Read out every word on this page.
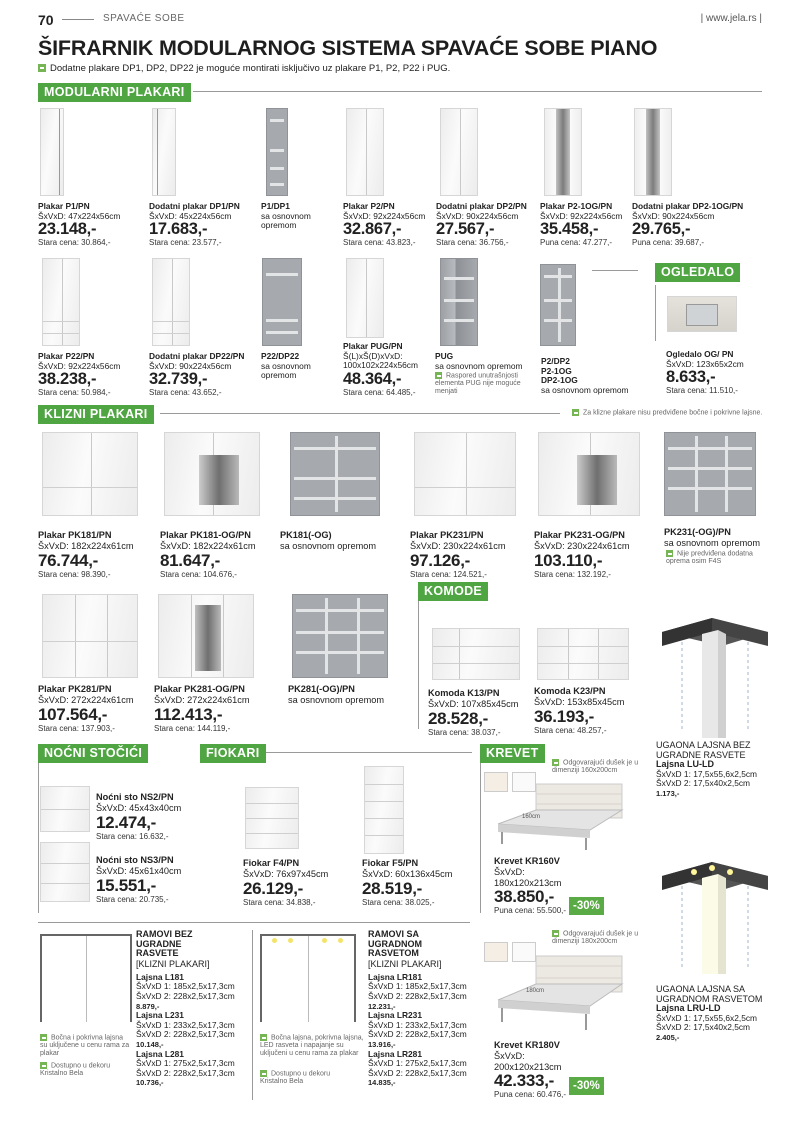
70	SPAVAĆE SOBE	| www.jela.rs |
ŠIFRARNIK MODULARNOG SISTEMA SPAVAĆE SOBE PIANO
Dodatne plakare DP1, DP2, DP22 je moguće montirati isključivo uz plakare P1, P2, P22 i PUG.
MODULARNI PLAKARI
Plakar P1/PN
ŠxVxD: 47x224x56cm
23.148,-
Stara cena: 30.864,-
Dodatni plakar DP1/PN
ŠxVxD: 45x224x56cm
17.683,-
Stara cena: 23.577,-
P1/DP1
sa osnovnom opremom
Plakar P2/PN
ŠxVxD: 92x224x56cm
32.867,-
Stara cena: 43.823,-
Dodatni plakar DP2/PN
ŠxVxD: 90x224x56cm
27.567,-
Stara cena: 36.756,-
Plakar P2-1OG/PN
ŠxVxD: 92x224x56cm
35.458,-
Puna cena: 47.277,-
Dodatni plakar DP2-1OG/PN
ŠxVxD: 90x224x56cm
29.765,-
Puna cena: 39.687,-
Plakar P22/PN
ŠxVxD: 92x224x56cm
38.238,-
Stara cena: 50.984,-
Dodatni plakar DP22/PN
ŠxVxD: 90x224x56cm
32.739,-
Stara cena: 43.652,-
P22/DP22
sa osnovnom opremom
Plakar PUG/PN
Š(L)xŠ(D)xVxD: 100x102x224x56cm
48.364,-
Stara cena: 64.485,-
PUG
sa osnovnom opremom
Raspored unutrašnjosti elementa PUG nije moguće menjati
P2/DP2 P2-1OG DP2-1OG
sa osnovnom opremom
OGLEDALO
Ogledalo OG/ PN
ŠxVxD: 123x65x2cm
8.633,-
Stara cena: 11.510,-
KLIZNI PLAKARI	Za klizne plakare nisu predviđene bočne i pokrivne lajsne.
Plakar PK181/PN
ŠxVxD: 182x224x61cm
76.744,-
Stara cena: 98.390,-
Plakar PK181-OG/PN
ŠxVxD: 182x224x61cm
81.647,-
Stara cena: 104.676,-
PK181(-OG)
sa osnovnom opremom
Plakar PK231/PN
ŠxVxD: 230x224x61cm
97.126,-
Stara cena: 124.521,-
Plakar PK231-OG/PN
ŠxVxD: 230x224x61cm
103.110,-
Stara cena: 132.192,-
PK231(-OG)/PN
sa osnovnom opremom
Nije predviđena dodatna oprema osim F4S
Plakar PK281/PN
ŠxVxD: 272x224x61cm
107.564,-
Stara cena: 137.903,-
Plakar PK281-OG/PN
ŠxVxD: 272x224x61cm
112.413,-
Stara cena: 144.119,-
PK281(-OG)/PN
sa osnovnom opremom
KOMODE
Komoda K13/PN
ŠxVxD: 107x85x45cm
28.528,-
Stara cena: 38.037,-
Komoda K23/PN
ŠxVxD: 153x85x45cm
36.193,-
Stara cena: 48.257,-
UGAONA LAJSNA BEZ UGRADNE RASVETE
Lajsna LU-LD
ŠxVxD 1: 17,5x55,6x2,5cm
ŠxVxD 2: 17,5x40x2,5cm
1.173,-
NOĆNI STOČIĆI
Noćni sto NS2/PN
ŠxVxD: 45x43x40cm
12.474,-
Stara cena: 16.632,-
Noćni sto NS3/PN
ŠxVxD: 45x61x40cm
15.551,-
Stara cena: 20.735,-
FIOKARI
Fiokar F4/PN
ŠxVxD: 76x97x45cm
26.129,-
Stara cena: 34.838,-
Fiokar F5/PN
ŠxVxD: 60x136x45cm
28.519,-
Stara cena: 38.025,-
KREVET
Odgovarajući dušek je u dimenziji 160x200cm
160cm
Krevet KR160V
ŠxVxD: 180x120x213cm
38.850,-
Puna cena: 55.500,- -30%
Odgovarajući dušek je u dimenziji 180x200cm
180cm
Krevet KR180V
ŠxVxD: 200x120x213cm
42.333,-
Puna cena: 60.476,-
-30%
UGAONA LAJSNA SA UGRADNOM RASVETOM
Lajsna LRU-LD
ŠxVxD 1: 17,5x55,6x2,5cm
ŠxVxD 2: 17,5x40x2,5cm
2.405,-
Bočna i pokrivna lajsna su uključene u cenu rama za plakar
Dostupno u dekoru Kristalno Bela
RAMOVI BEZ UGRADNE RASVETE
[KLIZNI PLAKARI]
Lajsna L181
ŠxVxD 1: 185x2,5x17,3cm
ŠxVxD 2: 228x2,5x17,3cm
8.879,-
Lajsna L231
ŠxVxD 1: 233x2,5x17,3cm
ŠxVxD 2: 228x2,5x17,3cm
10.148,-
Lajsna L281
ŠxVxD 1: 275x2,5x17,3cm
ŠxVxD 2: 228x2,5x17,3cm
10.736,-
Bočna lajsna, pokrivna lajsna, LED rasveta i napajanje su uključeni u cenu rama za plakar
Dostupno u dekoru Kristalno Bela
RAMOVI SA UGRADNOM RASVETOM
[KLIZNI PLAKARI]
Lajsna LR181
ŠxVxD 1: 185x2,5x17,3cm
ŠxVxD 2: 228x2,5x17,3cm
12.231,-
Lajsna LR231
ŠxVxD 1: 233x2,5x17,3cm
ŠxVxD 2: 228x2,5x17,3cm
13.916,-
Lajsna LR281
ŠxVxD 1: 275x2,5x17,3cm
ŠxVxD 2: 228x2,5x17,3cm
14.835,-
